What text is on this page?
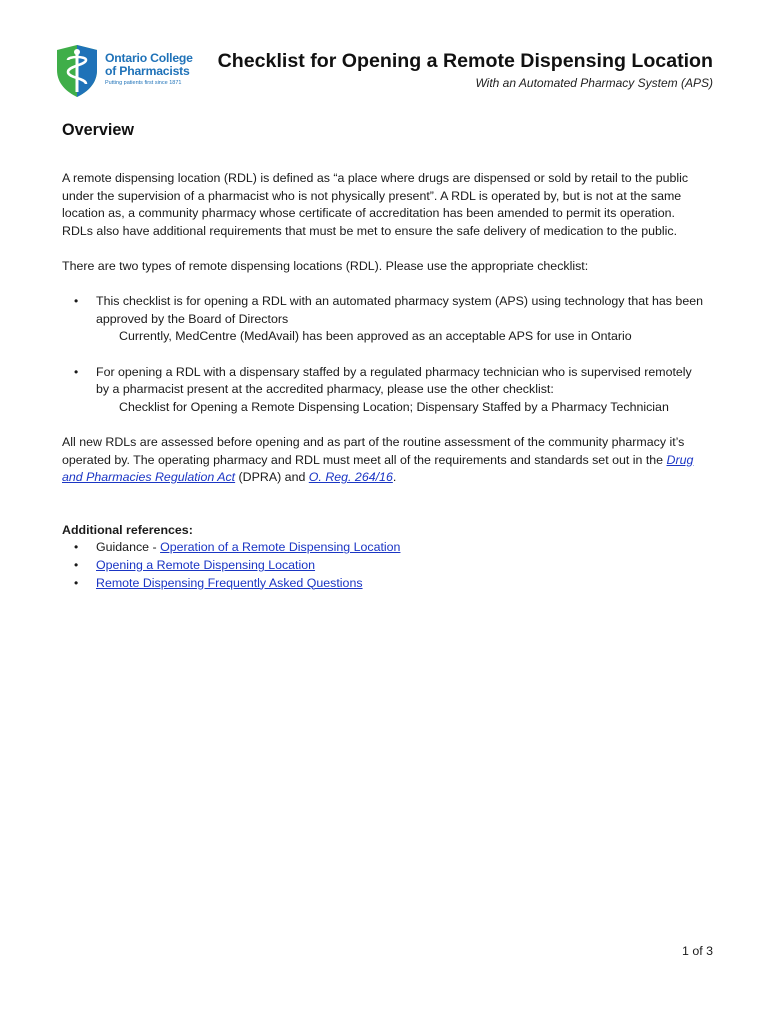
Ontario College
of Pharmacists
Putting patients first since 1871
Checklist for Opening a Remote Dispensing Location
With an Automated Pharmacy System (APS)
Overview

A remote dispensing location (RDL) is defined as “a place where drugs are dispensed or sold by retail to the public under the supervision of a pharmacist who is not physically present”. A RDL is operated by, but is not at the same location as, a community pharmacy whose certificate of accreditation has been amended to permit its operation. RDLs also have additional requirements that must be met to ensure the safe delivery of medication to the public.

There are two types of remote dispensing locations (RDL). Please use the appropriate checklist:

• This checklist is for opening a RDL with an automated pharmacy system (APS) using technology that has been approved by the Board of Directors
Currently, MedCentre (MedAvail) has been approved as an acceptable APS for use in Ontario
• For opening a RDL with a dispensary staffed by a regulated pharmacy technician who is supervised remotely by a pharmacist present at the accredited pharmacy, please use the other checklist:
Checklist for Opening a Remote Dispensing Location; Dispensary Staffed by a Pharmacy Technician

All new RDLs are assessed before opening and as part of the routine assessment of the community pharmacy it’s operated by. The operating pharmacy and RDL must meet all of the requirements and standards set out in the Drug and Pharmacies Regulation Act (DPRA) and O. Reg. 264/16.

Additional references:

• Guidance - Operation of a Remote Dispensing Location
• Opening a Remote Dispensing Location
• Remote Dispensing Frequently Asked Questions
1 of 3
